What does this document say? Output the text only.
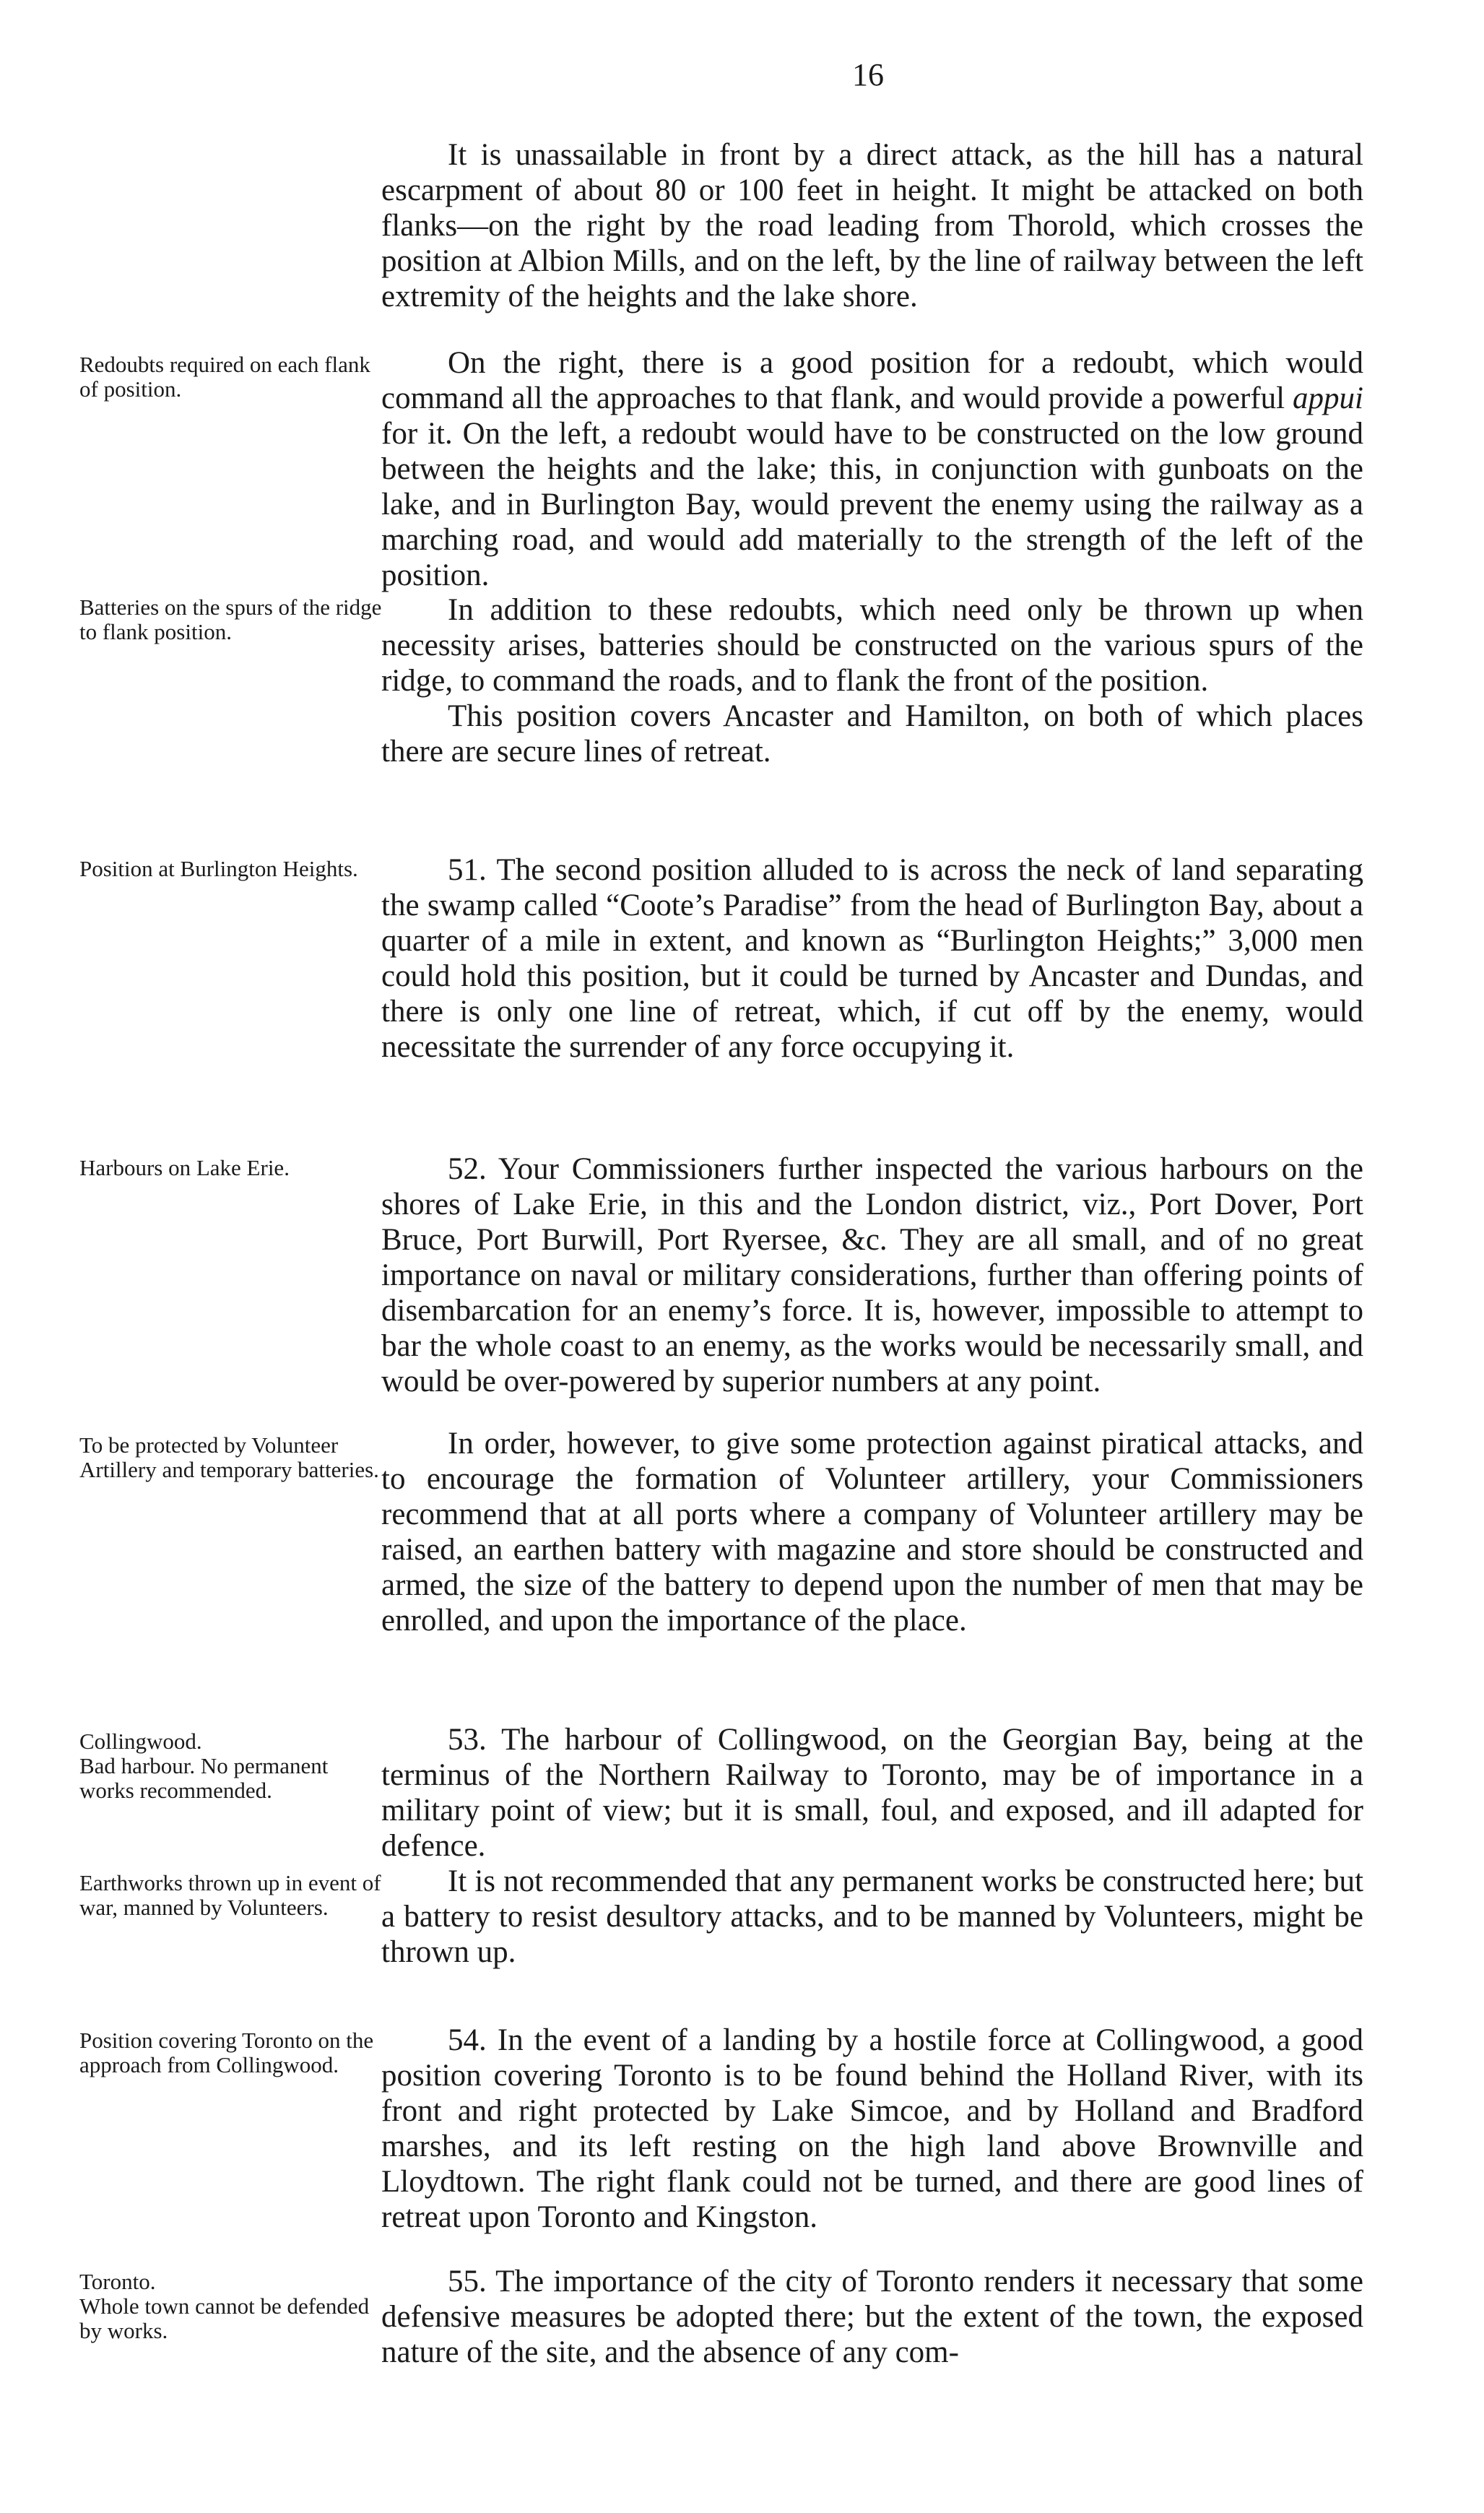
16

It is unassailable in front by a direct attack, as the hill has a natural escarpment of about 80 or 100 feet in height. It might be attacked on both flanks—on the right by the road leading from Thorold, which crosses the position at Albion Mills, and on the left, by the line of railway between the left extremity of the heights and the lake shore.

Redoubts required on each flank of position.

On the right, there is a good position for a redoubt, which would command all the approaches to that flank, and would provide a powerful appui for it. On the left, a redoubt would have to be constructed on the low ground between the heights and the lake; this, in conjunction with gunboats on the lake, and in Burlington Bay, would prevent the enemy using the railway as a marching road, and would add materially to the strength of the left of the position.

Batteries on the spurs of the ridge to flank position.

In addition to these redoubts, which need only be thrown up when necessity arises, batteries should be constructed on the various spurs of the ridge, to command the roads, and to flank the front of the position.

This position covers Ancaster and Hamilton, on both of which places there are secure lines of retreat.

Position at Burlington Heights.	51. The second position alluded to is across the neck of land separating the swamp called “Coote’s Paradise” from the head of Burlington Bay, about a quarter of a mile in extent, and known as “Burlington Heights;” 3,000 men could hold this position, but it could be turned by Ancaster and Dundas, and there is only one line of retreat, which, if cut off by the enemy, would necessitate the surrender of any force occupying it.

Harbours on Lake Erie.	52. Your Commissioners further inspected the various harbours on the shores of Lake Erie, in this and the London district, viz., Port Dover, Port Bruce, Port Burwill, Port Ryersee, &c. They are all small, and of no great importance on naval or military considerations, further than offering points of disembarcation for an enemy’s force. It is, however, impossible to attempt to bar the whole coast to an enemy, as the works would be necessarily small, and would be over-powered by superior numbers at any point.

To be protected by Volunteer Artillery and temporary batteries.

In order, however, to give some protection against piratical attacks, and to encourage the formation of Volunteer artillery, your Commissioners recommend that at all ports where a company of Volunteer artillery may be raised, an earthen battery with magazine and store should be constructed and armed, the size of the battery to depend upon the number of men that may be enrolled, and upon the importance of the place.

Collingwood.
Bad harbour. No permanent works recommended.

53. The harbour of Collingwood, on the Georgian Bay, being at the terminus of the Northern Railway to Toronto, may be of importance in a military point of view; but it is small, foul, and exposed, and ill adapted for defence.

Earthworks thrown up in event of war, manned by Volunteers.

It is not recommended that any permanent works be constructed here; but a battery to resist desultory attacks, and to be manned by Volunteers, might be thrown up.

Position covering Toronto on the approach from Collingwood.

54. In the event of a landing by a hostile force at Collingwood, a good position covering Toronto is to be found behind the Holland River, with its front and right protected by Lake Simcoe, and by Holland and Bradford marshes, and its left resting on the high land above Brownville and Lloydtown. The right flank could not be turned, and there are good lines of retreat upon Toronto and Kingston.

Toronto.
Whole town cannot be defended by works.

55. The importance of the city of Toronto renders it necessary that some defensive measures be adopted there; but the extent of the town, the exposed nature of the site, and the absence of any com-
